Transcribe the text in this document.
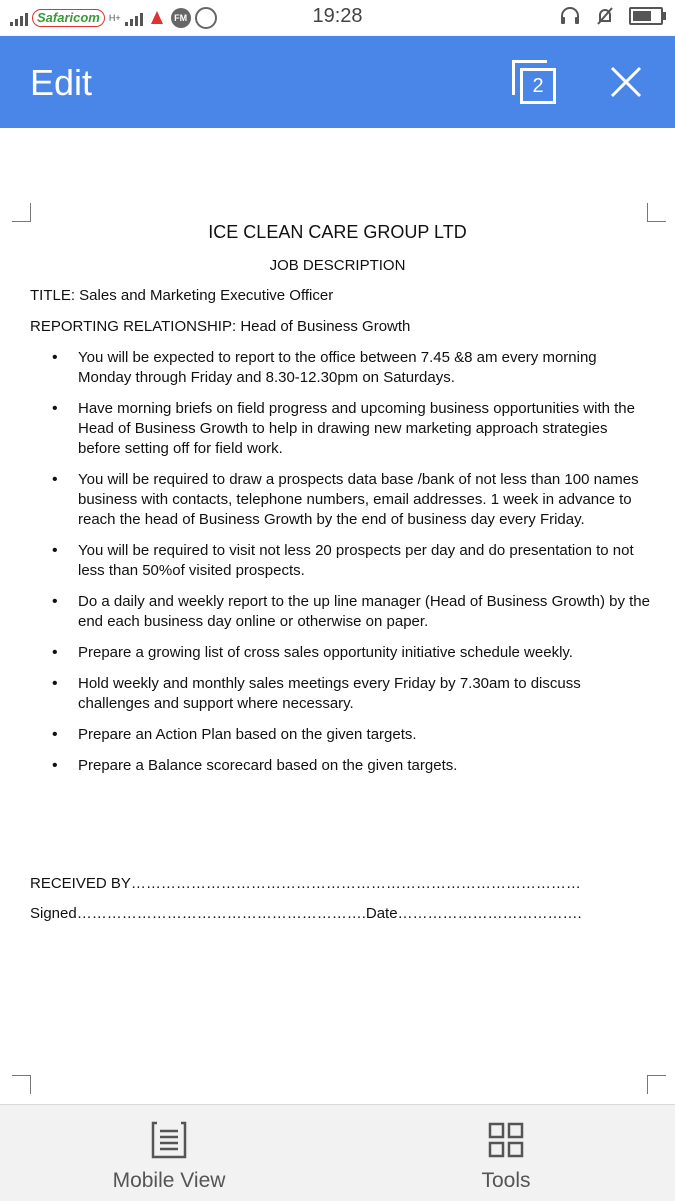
Safaricom	H+	FM	19:28
Edit	2
ICE CLEAN CARE GROUP LTD
JOB DESCRIPTION
TITLE: Sales and Marketing Executive Officer
REPORTING RELATIONSHIP: Head of Business Growth
• You will be expected to report to the office between 7.45 &8 am every morning Monday through Friday and 8.30-12.30pm on Saturdays.
• Have morning briefs on field progress and upcoming business opportunities with the Head of Business Growth to help in drawing new marketing approach strategies before setting off for field work.
• You will be required to draw a prospects data base /bank of not less than 100 names business with contacts, telephone numbers, email addresses. 1 week in advance to reach the head of Business Growth by the end of business day every Friday.
• You will be required to visit not less 20 prospects per day and do presentation to not less than 50%of visited prospects.
• Do a daily and weekly report to the up line manager (Head of Business Growth) by the end each business day online or otherwise on paper.
• Prepare a growing list of cross sales opportunity initiative schedule weekly.
• Hold weekly and monthly sales meetings every Friday by 7.30am to discuss challenges and support where necessary.
• Prepare an Action Plan based on the given targets.
• Prepare a Balance scorecard based on the given targets.
RECEIVED BY………………………………………………………………………………
Signed………………………………………………….Date……………………………….
Mobile View	Tools
